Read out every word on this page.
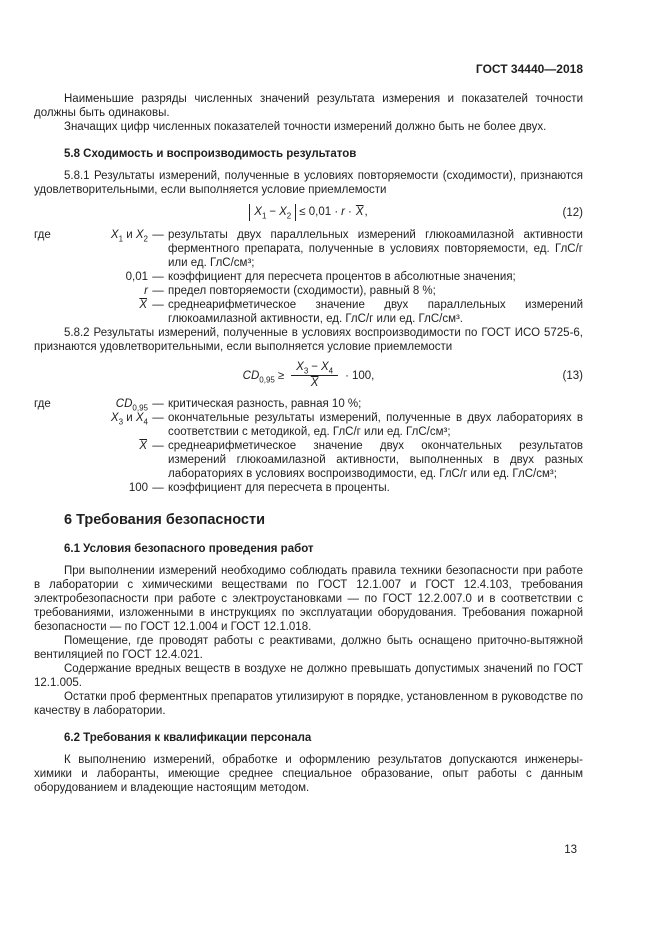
ГОСТ 34440—2018

Наименьшие разряды численных значений результата измерения и показателей точности должны быть одинаковы.

Значащих цифр численных показателей точности измерений должно быть не более двух.

5.8 Сходимость и воспроизводимость результатов

5.8.1 Результаты измерений, полученные в условиях повторяемости (сходимости), признаются удовлетворительными, если выполняется условие приемлемости

$X_1 - X_2 \le 0,01 \cdot r \cdot \overline{X}$,	(12)
где	$X_1$ и $X_2$ — результаты двух параллельных измерений глюкоамилазной активности ферментного препарата, полученные в условиях повторяемости, ед. ГлС/г или ед. ГлС/см³;
0,01 — коэффициент для пересчета процентов в абсолютные значения;
r — предел повторяемости (сходимости), равный 8 %;
$\overline{X}$ — среднеарифметическое значение двух параллельных измерений глюкоамилазной активности, ед. ГлС/г или ед. ГлС/см³.

5.8.2 Результаты измерений, полученные в условиях воспроизводимости по ГОСТ ИСО 5725-6, признаются удовлетворительными, если выполняется условие приемлемости

$CD_{0,95} \ge \frac{X_3 - X_4}{X} \cdot 100$ ,	(13)
где	$CD_{0,95}$ — критическая разность, равная 10 %;
$X_3$ и $X_4$ — окончательные результаты измерений, полученные в двух лабораториях в соответствии с методикой, ед. ГлС/г или ед. ГлС/см³;
$\overline{X}$ — среднеарифметическое значение двух окончательных результатов измерений глюкоамилазной активности, выполненных в двух разных лабораториях в условиях воспроизводимости, ед. ГлС/г или ед. ГлС/см³;
100 — коэффициент для пересчета в проценты.
6 Требования безопасности
6.1 Условия безопасного проведения работ

При выполнении измерений необходимо соблюдать правила техники безопасности при работе в лаборатории с химическими веществами по ГОСТ 12.1.007 и ГОСТ 12.4.103, требования электробезопасности при работе с электроустановками — по ГОСТ 12.2.007.0 и в соответствии с требованиями, изложенными в инструкциях по эксплуатации оборудования. Требования пожарной безопасности — по ГОСТ 12.1.004 и ГОСТ 12.1.018.

Помещение, где проводят работы с реактивами, должно быть оснащено приточно-вытяжной вентиляцией по ГОСТ 12.4.021.

Содержание вредных веществ в воздухе не должно превышать допустимых значений по ГОСТ 12.1.005.

Остатки проб ферментных препаратов утилизируют в порядке, установленном в руководстве по качеству в лаборатории.

6.2 Требования к квалификации персонала

К выполнению измерений, обработке и оформлению результатов допускаются инженеры-химики и лаборанты, имеющие среднее специальное образование, опыт работы с данным оборудованием и владеющие настоящим методом.

13
